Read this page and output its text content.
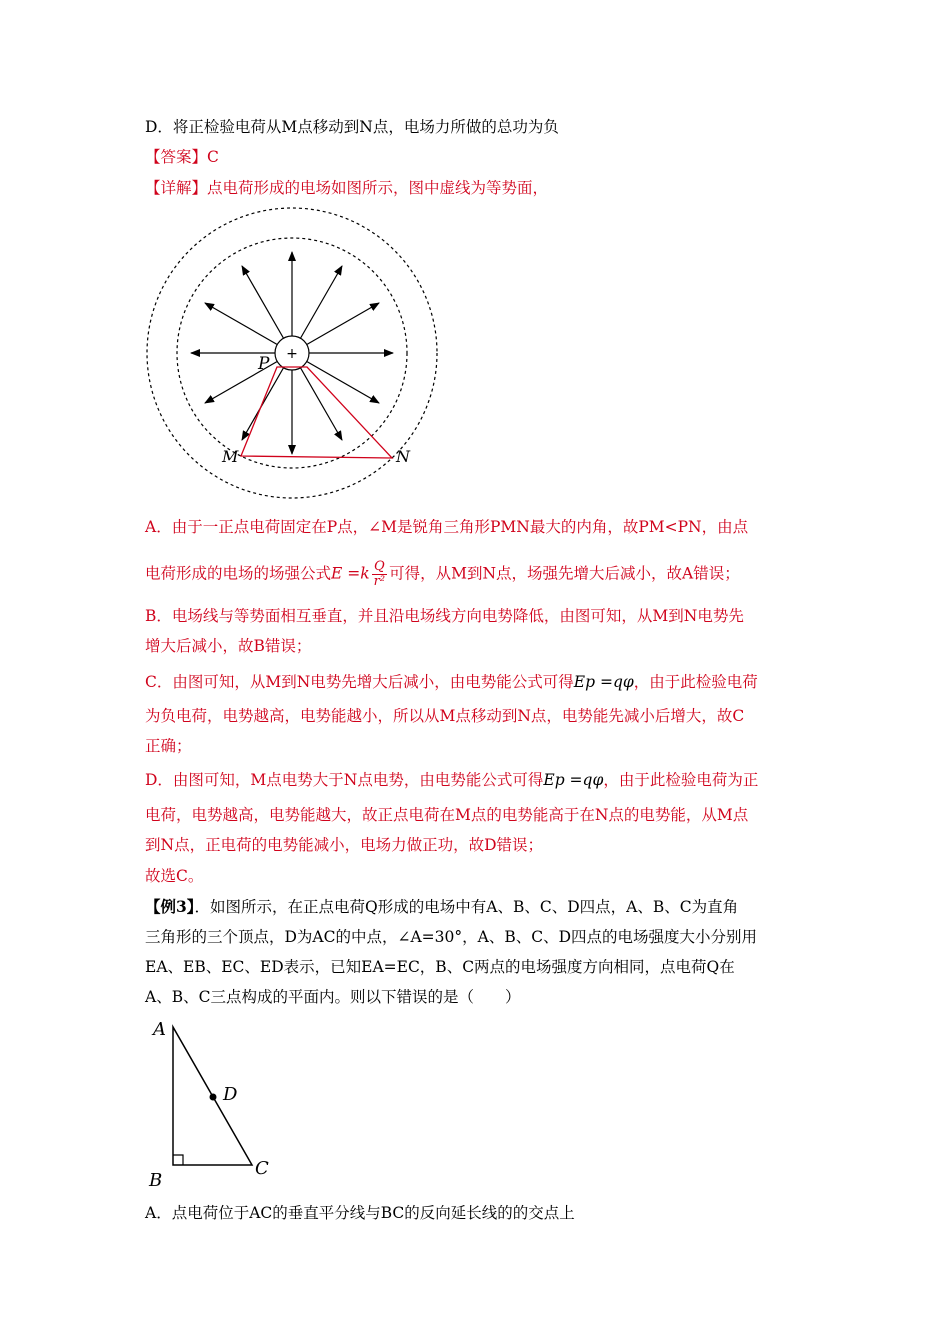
D．将正检验电荷从M点移动到N点，电场力所做的总功为负
【答案】C
【详解】点电荷形成的电场如图所示，图中虚线为等势面，
+
P
M	N
A．由于一正点电荷固定在P点，∠M是锐角三角形PMN最大的内角，故PM<PN，由点
电荷形成的电场的场强公式$E =k \frac{Q}{\text{r²}}$ 可得，从M到N点，场强先增大后减小，故A错误；
B．电场线与等势面相互垂直，并且沿电场线方向电势降低，由图可知，从M到N电势先
增大后减小，故B错误；
C．由图可知，从M到N电势先增大后减小，由电势能公式可得Ep =qφ，由于此检验电荷
为负电荷，电势越高，电势能越小，所以从M点移动到N点，电势能先减小后增大，故C
正确；
D．由图可知，M点电势大于N点电势，由电势能公式可得Ep =qφ，由于此检验电荷为正
电荷，电势越高，电势能越大，故正点电荷在M点的电势能高于在N点的电势能，从M点
到N点，正电荷的电势能减小，电场力做正功，故D错误；
故选C。
【例3】．如图所示，在正点电荷Q形成的电场中有A、B、C、D四点，A、B、C为直角
三角形的三个顶点，D为AC的中点，∠A=30°，A、B、C、D四点的电场强度大小分别用
EA、EB、EC、ED表示，已知EA=EC，B、C两点的电场强度方向相同，点电荷Q在
A、B、C三点构成的平面内。则以下错误的是（　　）
A
D
B
C
A．点电荷位于AC的垂直平分线与BC的反向延长线的的交点上
